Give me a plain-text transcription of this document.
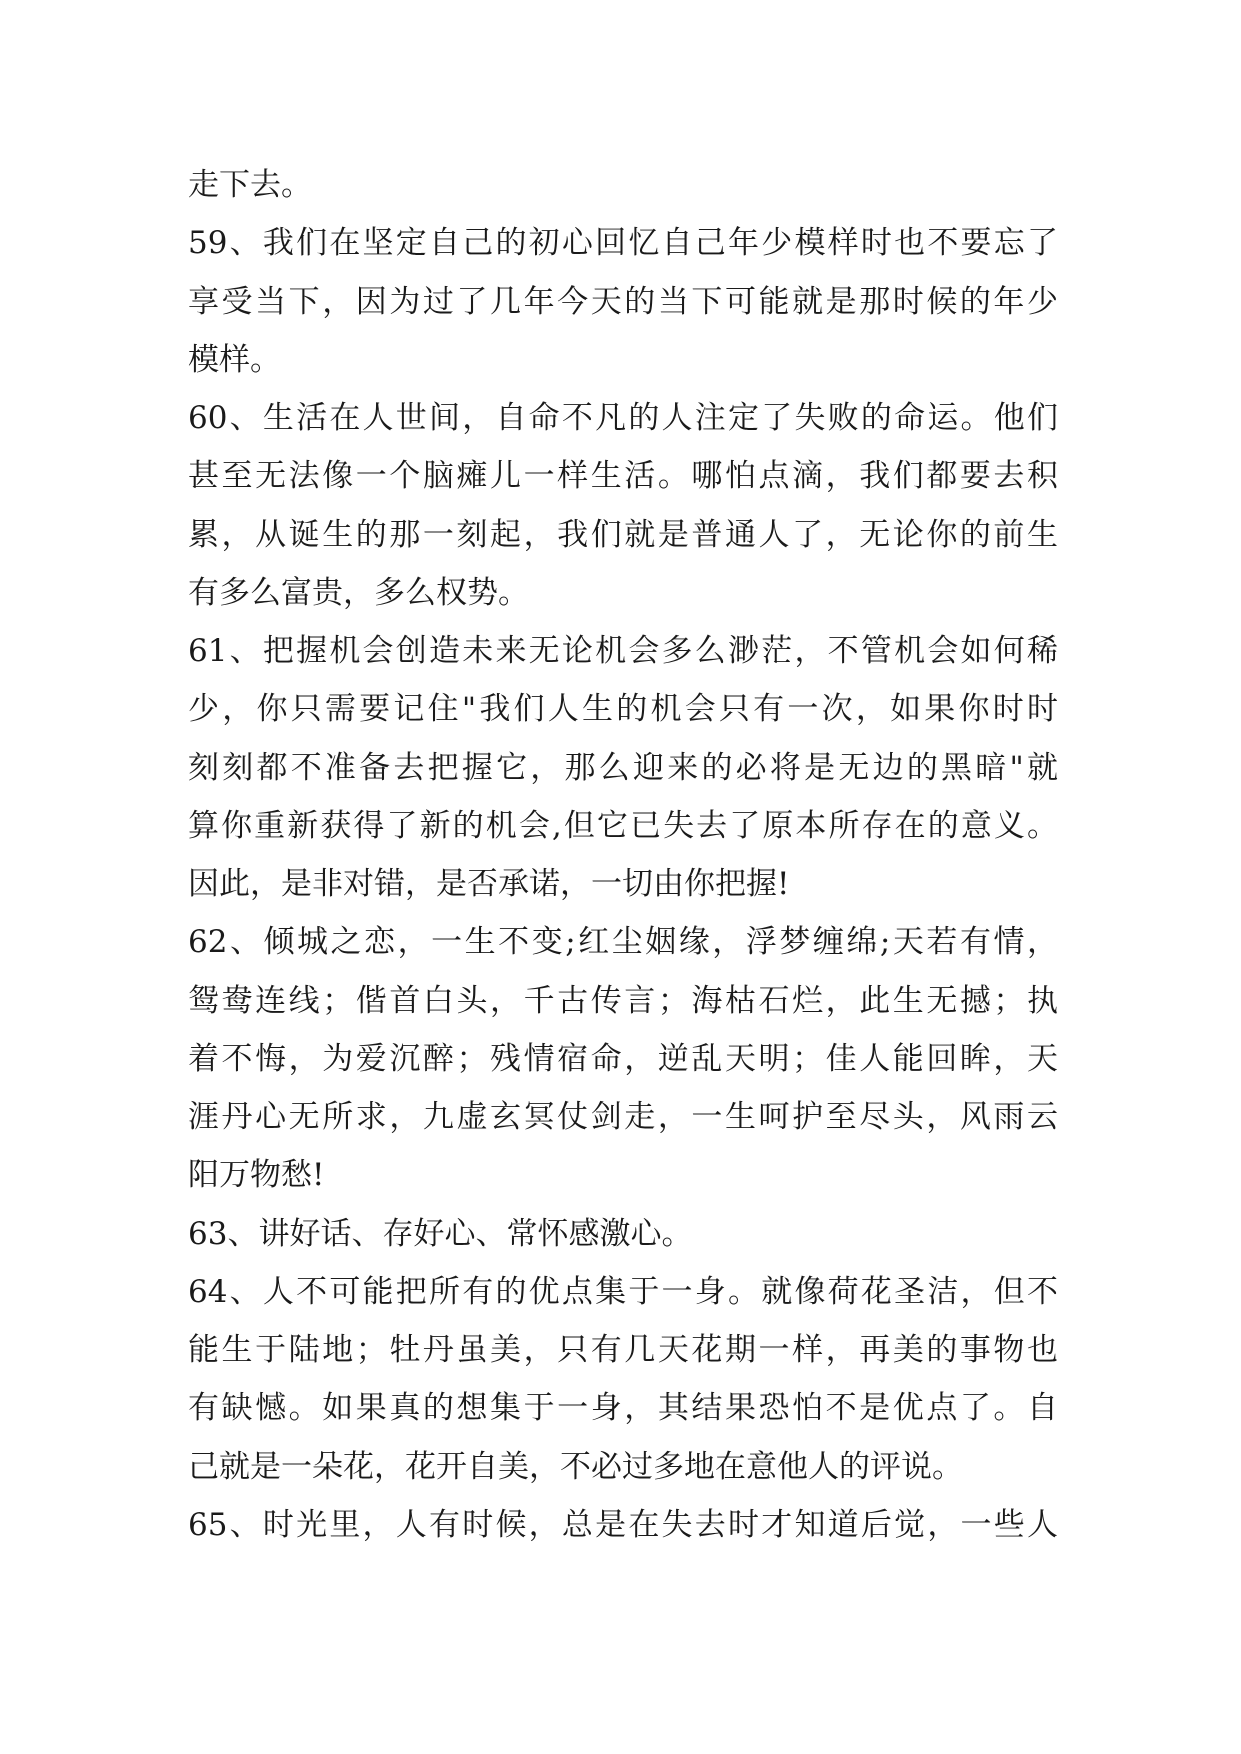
走下去。
59、我们在坚定自己的初心回忆自己年少模样时也不要忘了
享受当下，因为过了几年今天的当下可能就是那时候的年少
模样。
60、生活在人世间，自命不凡的人注定了失败的命运。他们
甚至无法像一个脑瘫儿一样生活。哪怕点滴，我们都要去积
累，从诞生的那一刻起，我们就是普通人了，无论你的前生
有多么富贵，多么权势。
61、把握机会创造未来无论机会多么渺茫，不管机会如何稀
少，你只需要记住"我们人生的机会只有一次，如果你时时
刻刻都不准备去把握它，那么迎来的必将是无边的黑暗"就
算你重新获得了新的机会,但它已失去了原本所存在的意义。
因此，是非对错，是否承诺，一切由你把握!
62、倾城之恋，一生不变;红尘姻缘，浮梦缠绵;天若有情，
鸳鸯连线；偕首白头，千古传言；海枯石烂，此生无撼；执
着不悔，为爱沉醉；残情宿命，逆乱天明；佳人能回眸，天
涯丹心无所求，九虚玄冥仗剑走，一生呵护至尽头，风雨云
阳万物愁!
63、讲好话、存好心、常怀感激心。
64、人不可能把所有的优点集于一身。就像荷花圣洁，但不
能生于陆地；牡丹虽美，只有几天花期一样，再美的事物也
有缺憾。如果真的想集于一身，其结果恐怕不是优点了。自
己就是一朵花，花开自美，不必过多地在意他人的评说。
65、时光里，人有时候，总是在失去时才知道后觉，一些人
